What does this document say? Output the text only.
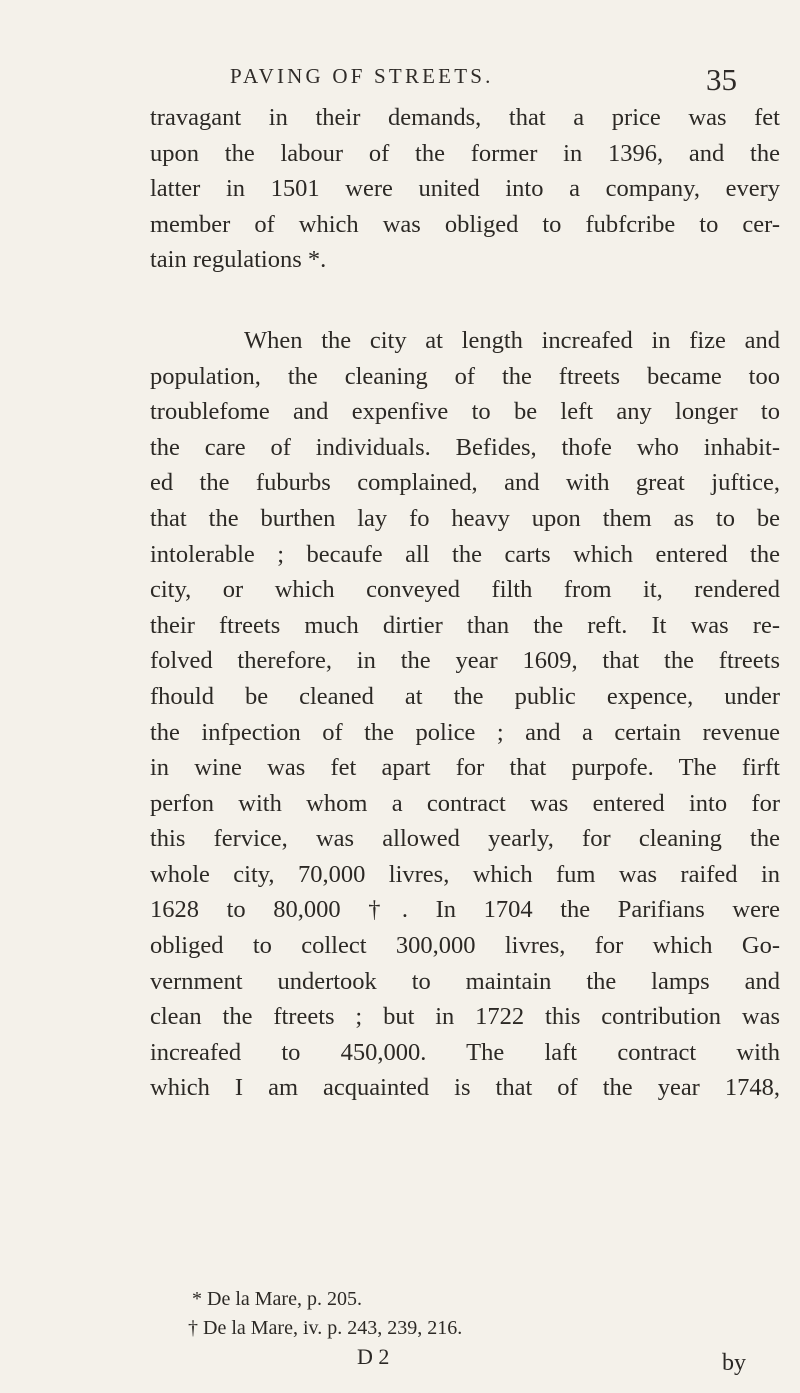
PAVING OF STREETS.	35
travagant in their demands, that a price was fet
upon the labour of the former in 1396, and the
latter in 1501 were united into a company, every
member of which was obliged to fubfcribe to cer-
tain regulations *.
When the city at length increafed in fize and
population, the cleaning of the ftreets became too
troublefome and expenfive to be left any longer to
the care of individuals. Befides, thofe who inhabit-
ed the fuburbs complained, and with great juftice,
that the burthen lay fo heavy upon them as to be
intolerable ; becaufe all the carts which entered the
city, or which conveyed filth from it, rendered
their ftreets much dirtier than the reft. It was re-
folved therefore, in the year 1609, that the ftreets
fhould be cleaned at the public expence, under
the infpection of the police ; and a certain revenue
in wine was fet apart for that purpofe. The firft
perfon with whom a contract was entered into for
this fervice, was allowed yearly, for cleaning the
whole city, 70,000 livres, which fum was raifed in
1628 to 80,000 †. In 1704 the Parifians were
obliged to collect 300,000 livres, for which Go-
vernment undertook to maintain the lamps and
clean the ftreets ; but in 1722 this contribution was
increafed to 450,000. The laft contract with
which I am acquainted is that of the year 1748,
* De la Mare, p. 205.
† De la Mare, iv. p. 243, 239, 216.
D 2	by
